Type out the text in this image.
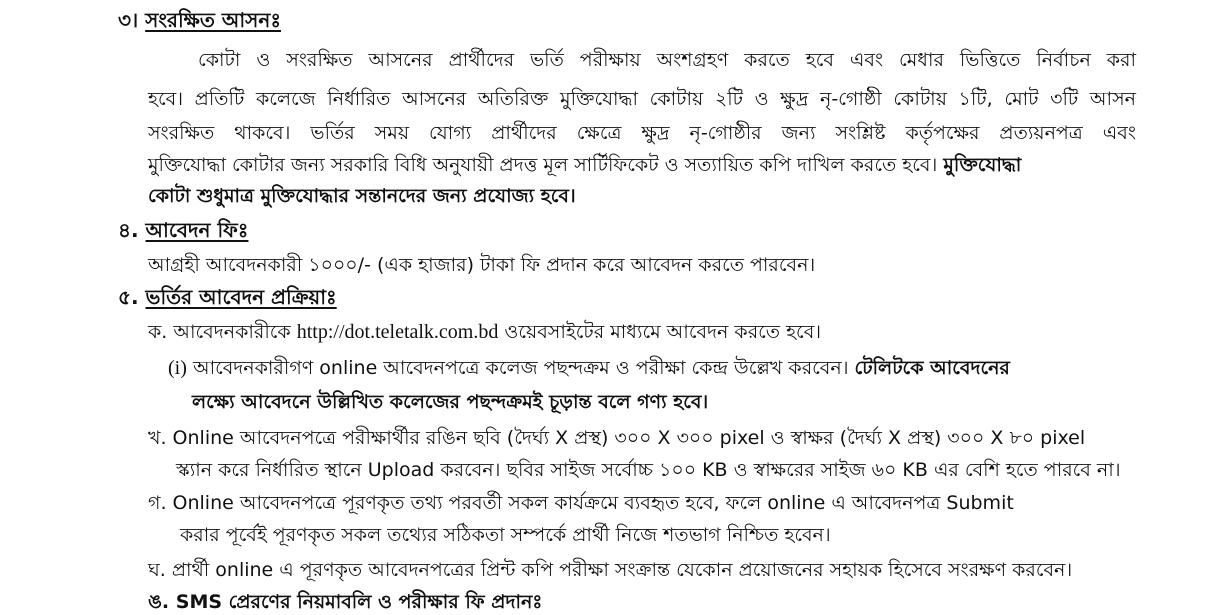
৩। সংরক্ষিত আসনঃ
কোটা ও সংরক্ষিত আসনের প্রার্থীদের ভর্তি পরীক্ষায় অংশগ্রহণ করতে হবে এবং মেধার ভিত্তিতে নির্বাচন করা
হবে। প্রতিটি কলেজে নির্ধারিত আসনের অতিরিক্ত মুক্তিযোদ্ধা কোটায় ২টি ও ক্ষুদ্র নৃ-গোষ্ঠী কোটায় ১টি, মোট ৩টি আসন
সংরক্ষিত থাকবে। ভর্তির সময় যোগ্য প্রার্থীদের ক্ষেত্রে ক্ষুদ্র নৃ-গোষ্ঠীর জন্য সংশ্লিষ্ট কর্তৃপক্ষের প্রত্যয়নপত্র এবং
মুক্তিযোদ্ধা কোটার জন্য সরকারি বিধি অনুযায়ী প্রদত্ত মূল সার্টিফিকেট ও সত্যায়িত কপি দাখিল করতে হবে। মুক্তিযোদ্ধা
কোটা শুধুমাত্র মুক্তিযোদ্ধার সন্তানদের জন্য প্রযোজ্য হবে।
৪. আবেদন ফিঃ
আগ্রহী আবেদনকারী ১০০০/- (এক হাজার) টাকা ফি প্রদান করে আবেদন করতে পারবেন।
৫. ভর্তির আবেদন প্রক্রিয়াঃ
ক. আবেদনকারীকে http://dot.teletalk.com.bd ওয়েবসাইটের মাধ্যমে আবেদন করতে হবে।
(i) আবেদনকারীগণ online আবেদনপত্রে কলেজ পছন্দক্রম ও পরীক্ষা কেন্দ্র উল্লেখ করবেন। টেলিটকে আবেদনের
লক্ষ্যে আবেদনে উল্লিখিত কলেজের পছন্দক্রমই চূড়ান্ত বলে গণ্য হবে।
খ. Online আবেদনপত্রে পরীক্ষার্থীর রঙিন ছবি (দৈর্ঘ্য X প্রস্থ) ৩০০ X ৩০০ pixel ও স্বাক্ষর (দৈর্ঘ্য X প্রস্থ) ৩০০ X ৮০ pixel
স্ক্যান করে নির্ধারিত স্থানে Upload করবেন। ছবির সাইজ সর্বোচ্চ ১০০ KB ও স্বাক্ষরের সাইজ ৬০ KB এর বেশি হতে পারবে না।
গ. Online আবেদনপত্রে পূরণকৃত তথ্য পরবর্তী সকল কার্যক্রমে ব্যবহৃত হবে, ফলে online এ আবেদনপত্র Submit
করার পূর্বেই পূরণকৃত সকল তথ্যের সঠিকতা সম্পর্কে প্রার্থী নিজে শতভাগ নিশ্চিত হবেন।
ঘ. প্রার্থী online এ পূরণকৃত আবেদনপত্রের প্রিন্ট কপি পরীক্ষা সংক্রান্ত যেকোন প্রয়োজনের সহায়ক হিসেবে সংরক্ষণ করবেন।
ঙ. SMS প্রেরণের নিয়মাবলি ও পরীক্ষার ফি প্রদানঃ
